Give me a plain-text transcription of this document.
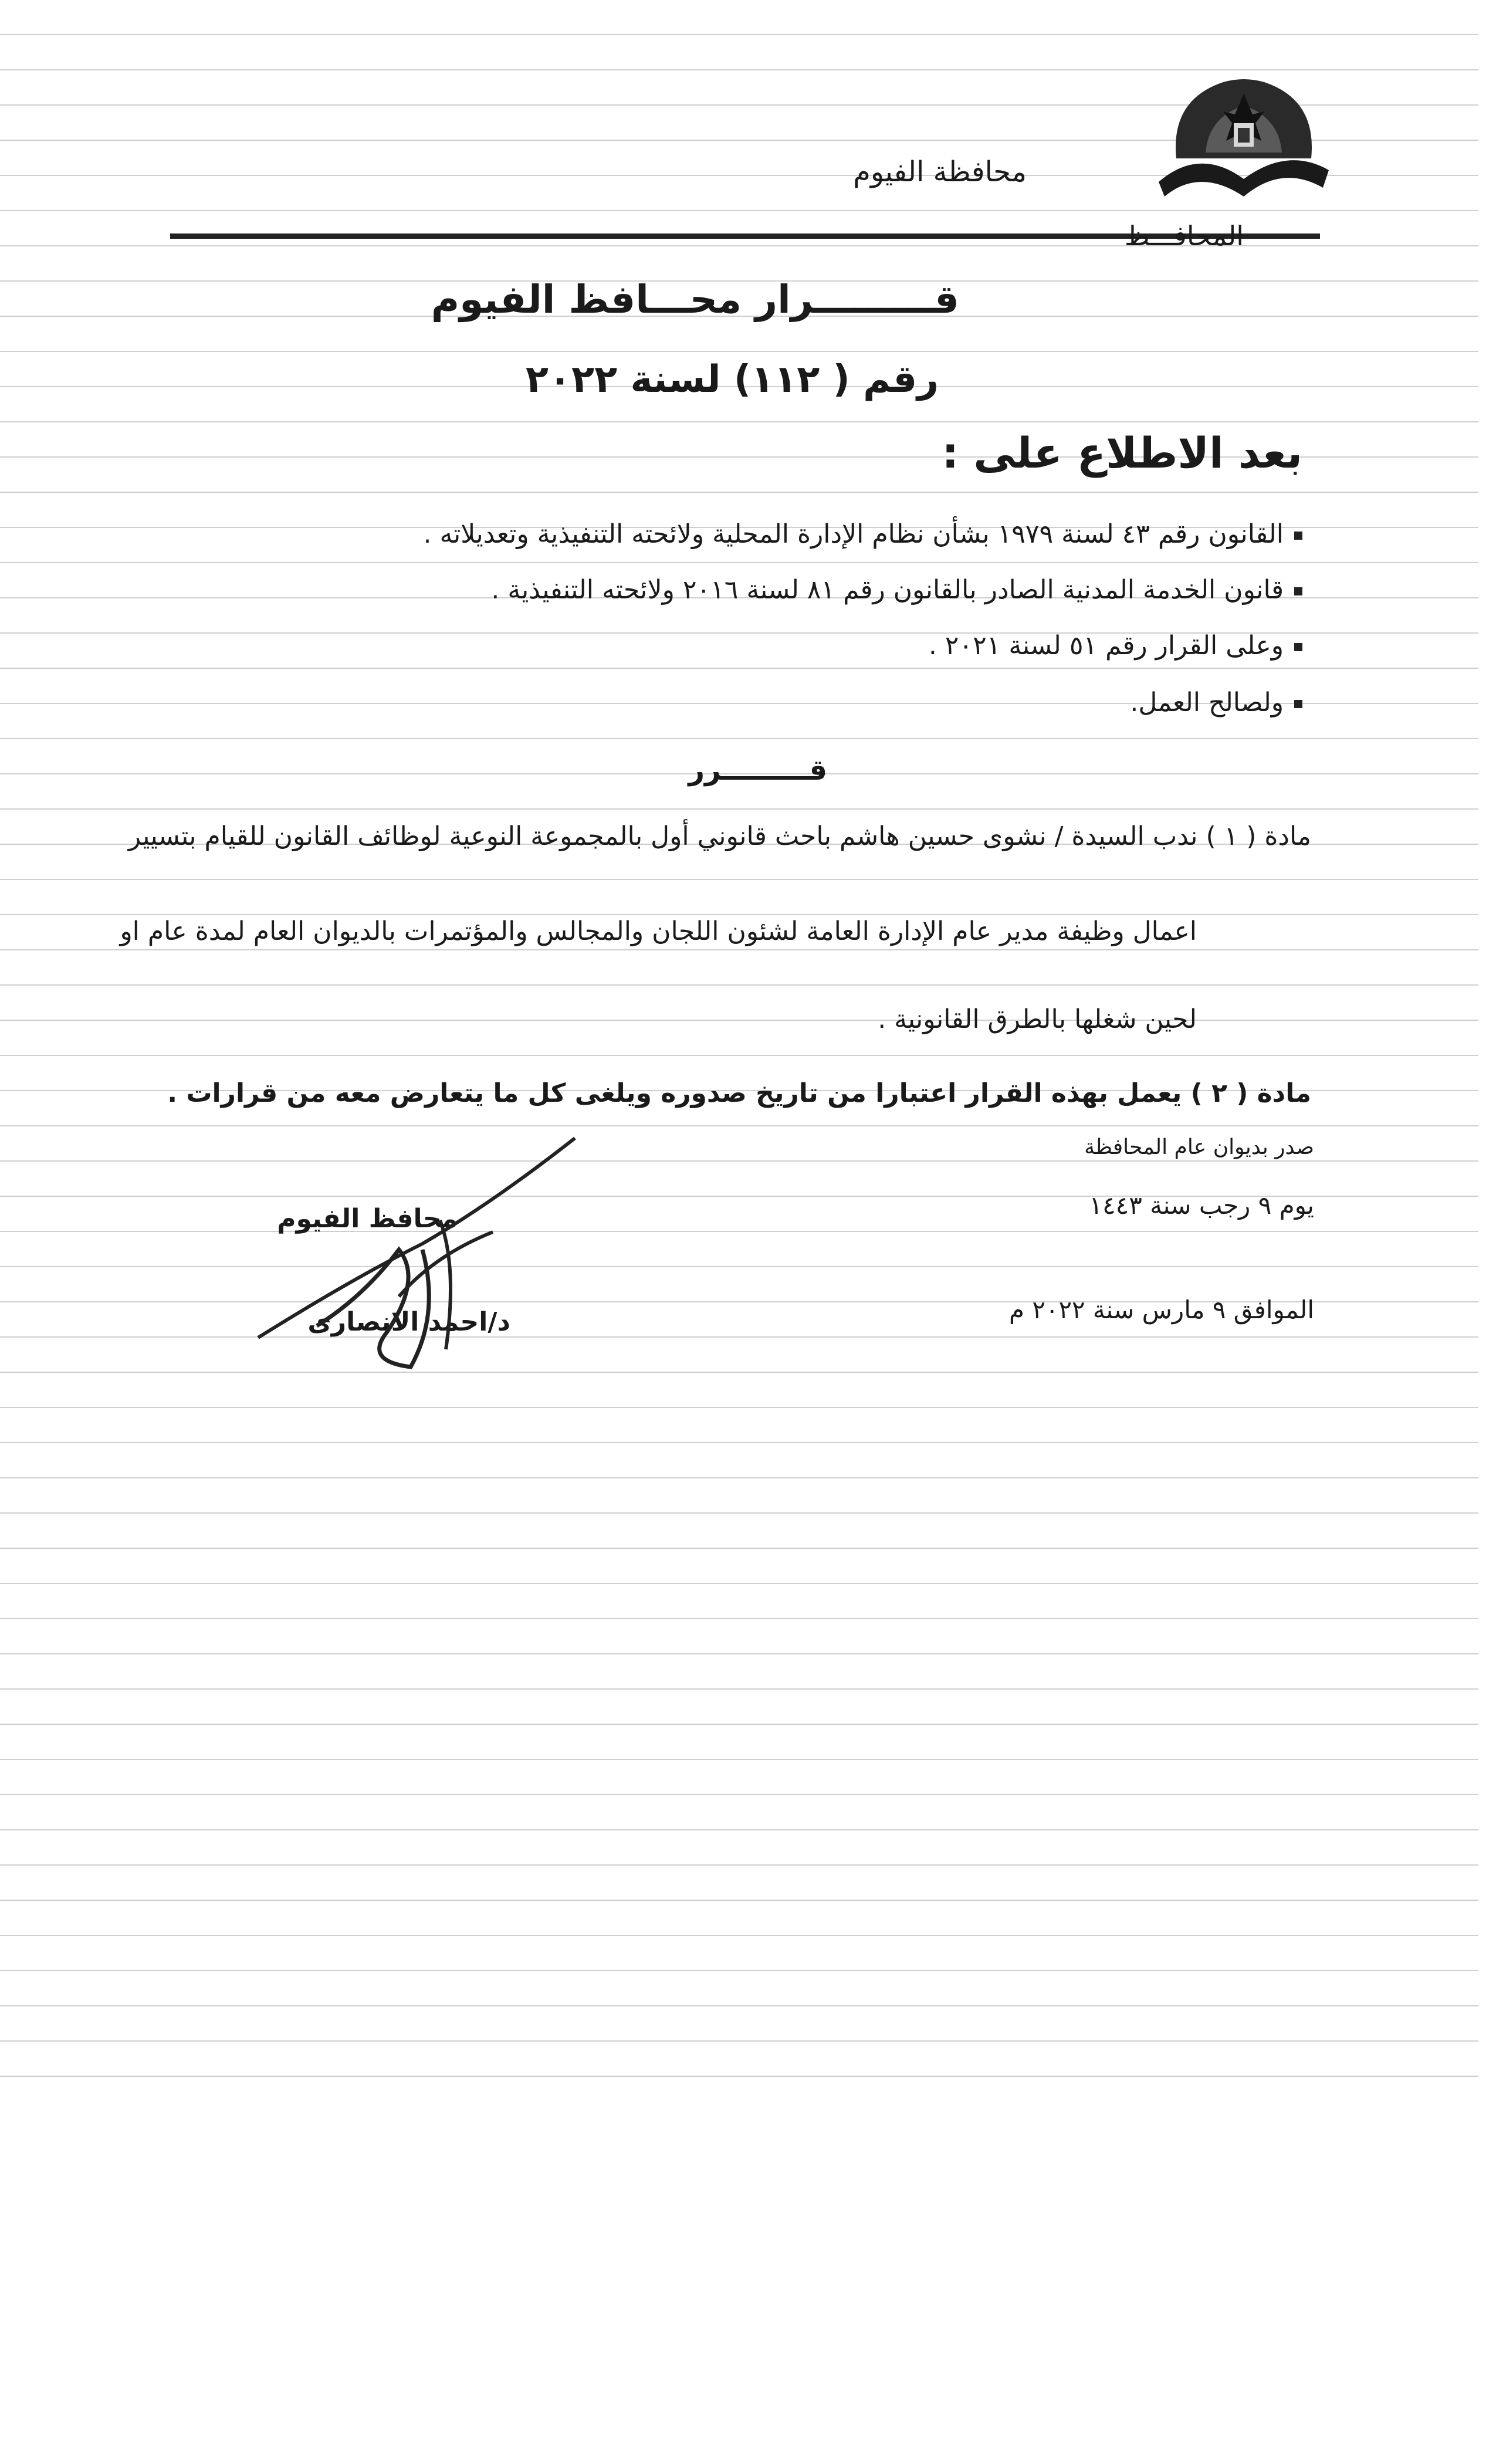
محافظة الفيوم
المحافـــظ
قـــــــــرار محـــافظ الفيوم
رقم ( ١١٢) لسنة ٢٠٢٢
بعد الاطلاع على :
القانون رقم ٤٣ لسنة ١٩٧٩ بشأن نظام الإدارة المحلية ولائحته التنفيذية وتعديلاته .
قانون الخدمة المدنية الصادر بالقانون رقم ٨١ لسنة ٢٠١٦ ولائحته التنفيذية .
وعلى القرار رقم ٥١ لسنة ٢٠٢١ .
ولصالح العمل.
قـــــــــرر
مادة ( ١ ) ندب السيدة / نشوى حسين هاشم باحث قانوني أول بالمجموعة النوعية لوظائف القانون للقيام بتسيير
اعمال وظيفة مدير عام الإدارة العامة لشئون اللجان والمجالس والمؤتمرات بالديوان العام لمدة عام او
لحين شغلها بالطرق القانونية .
مادة ( ٢ ) يعمل بهذه القرار اعتبارا من تاريخ صدوره ويلغى كل ما يتعارض معه من قرارات .
صدر بديوان عام المحافظة
يوم ٩ رجب سنة ١٤٤٣
الموافق ٩ مارس سنة ٢٠٢٢ م
محافظ الفيوم
د/احمد الانصارى
